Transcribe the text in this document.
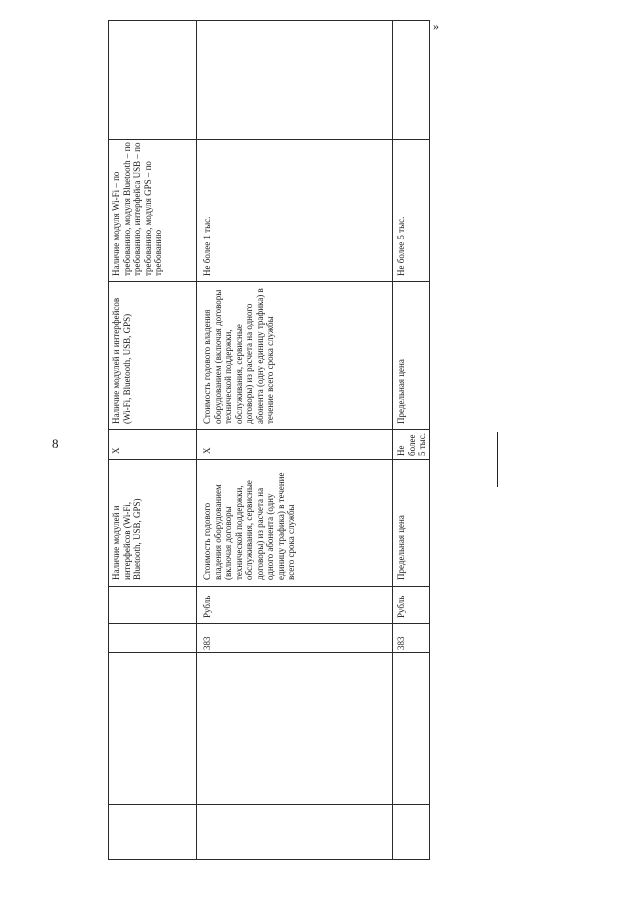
8
»
Наличие модулей и интерфейсов (Wi-Fi, Bluetooth, USB, GPS)
X
Наличие модулей и интерфейсов (Wi-Fi, Bluetooth, USB, GPS)
Наличие модуля Wi-Fi – по требованию, модуля Bluetooth – по требованию, интерфейса USB – по требованию, модуля GPS – по требованию
383
Рубль
Стоимость годового владения оборудованием (включая договоры технической поддержки, обслуживания, сервисные договоры) из расчета на одного абонента (одну единицу трафика) в течение всего срока службы
X
Стоимость годового владения оборудованием (включая договоры технической поддержки, обслуживания, сервисные договоры) из расчета на одного абонента (одну единицу трафика) в течение всего срока службы
Не более 1 тыс.
383
Рубль
Предельная цена
Не более 5 тыс.
Предельная цена
Не более 5 тыс.
